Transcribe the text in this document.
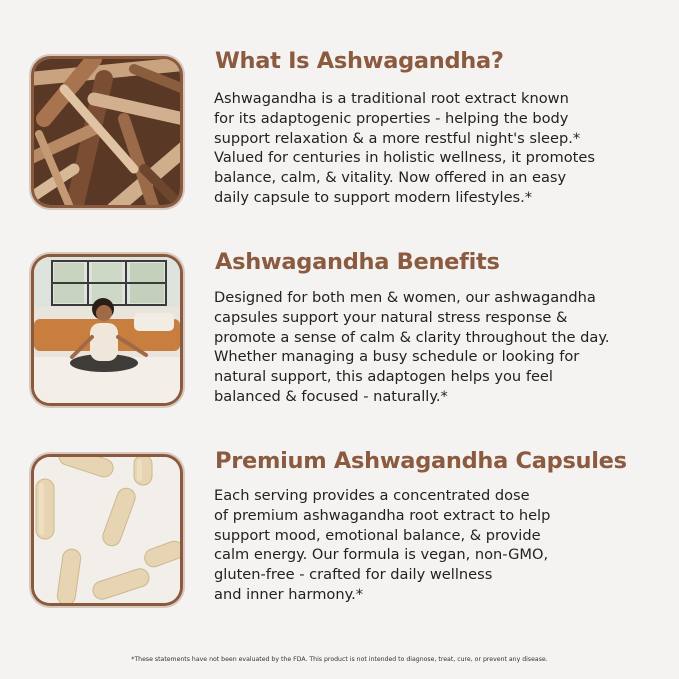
What Is Ashwagandha?
Ashwagandha is a traditional root extract known
for its adaptogenic properties - helping the body
support relaxation & a more restful night's sleep.*
Valued for centuries in holistic wellness, it promotes
balance, calm, & vitality. Now offered in an easy
daily capsule to support modern lifestyles.*
Ashwagandha Benefits
Designed for both men & women, our ashwagandha
capsules support your natural stress response &
promote a sense of calm & clarity throughout the day.
Whether managing a busy schedule or looking for
natural support, this adaptogen helps you feel
balanced & focused - naturally.*
Premium Ashwagandha Capsules
Each serving provides a concentrated dose
of premium ashwagandha root extract to help
support mood, emotional balance, & provide
calm energy. Our formula is vegan, non-GMO,
gluten-free - crafted for daily wellness
and inner harmony.*
*These statements have not been evaluated by the FDA. This product is not intended to diagnose, treat, cure, or prevent any disease.
